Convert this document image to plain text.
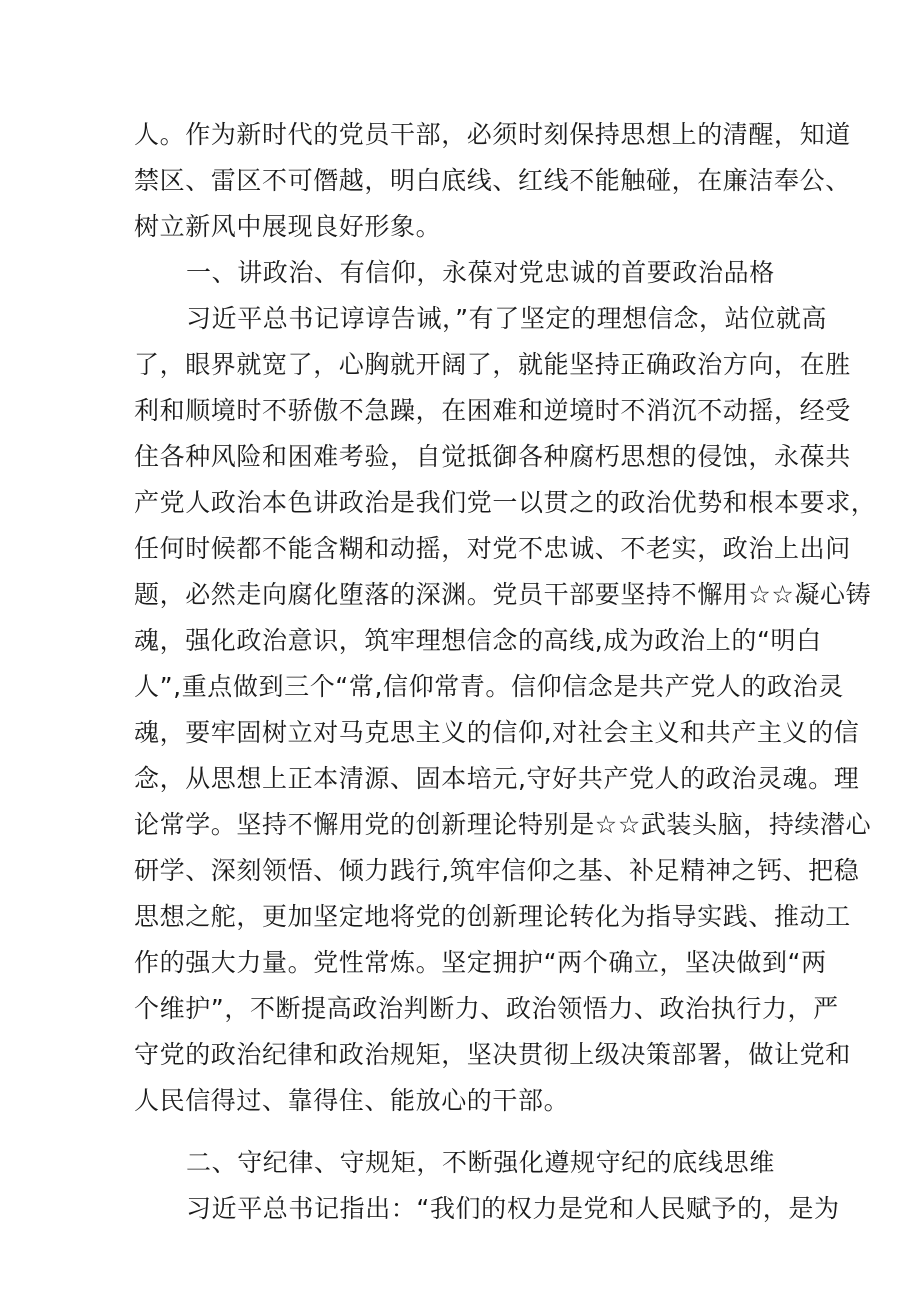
人。作为新时代的党员干部，必须时刻保持思想上的清醒，知道
禁区、雷区不可僭越，明白底线、红线不能触碰，在廉洁奉公、
树立新风中展现良好形象。
一、讲政治、有信仰，永葆对党忠诚的首要政治品格
习近平总书记谆谆告诫，”有了坚定的理想信念，站位就高
了，眼界就宽了，心胸就开阔了，就能坚持正确政治方向，在胜
利和顺境时不骄傲不急躁，在困难和逆境时不消沉不动摇，经受
住各种风险和困难考验，自觉抵御各种腐朽思想的侵蚀，永葆共
产党人政治本色讲政治是我们党一以贯之的政治优势和根本要求，
任何时候都不能含糊和动摇，对党不忠诚、不老实，政治上出问
题，必然走向腐化堕落的深渊。党员干部要坚持不懈用☆☆凝心铸
魂，强化政治意识，筑牢理想信念的高线,成为政治上的“明白
人”,重点做到三个“常,信仰常青。信仰信念是共产党人的政治灵
魂，要牢固树立对马克思主义的信仰,对社会主义和共产主义的信
念，从思想上正本清源、固本培元,守好共产党人的政治灵魂。理
论常学。坚持不懈用党的创新理论特别是☆☆武装头脑，持续潜心
研学、深刻领悟、倾力践行,筑牢信仰之基、补足精神之钙、把稳
思想之舵，更加坚定地将党的创新理论转化为指导实践、推动工
作的强大力量。党性常炼。坚定拥护“两个确立，坚决做到“两
个维护”，不断提高政治判断力、政治领悟力、政治执行力，严
守党的政治纪律和政治规矩，坚决贯彻上级决策部署，做让党和
人民信得过、靠得住、能放心的干部。
二、守纪律、守规矩，不断强化遵规守纪的底线思维
习近平总书记指出：“我们的权力是党和人民赋予的，是为
